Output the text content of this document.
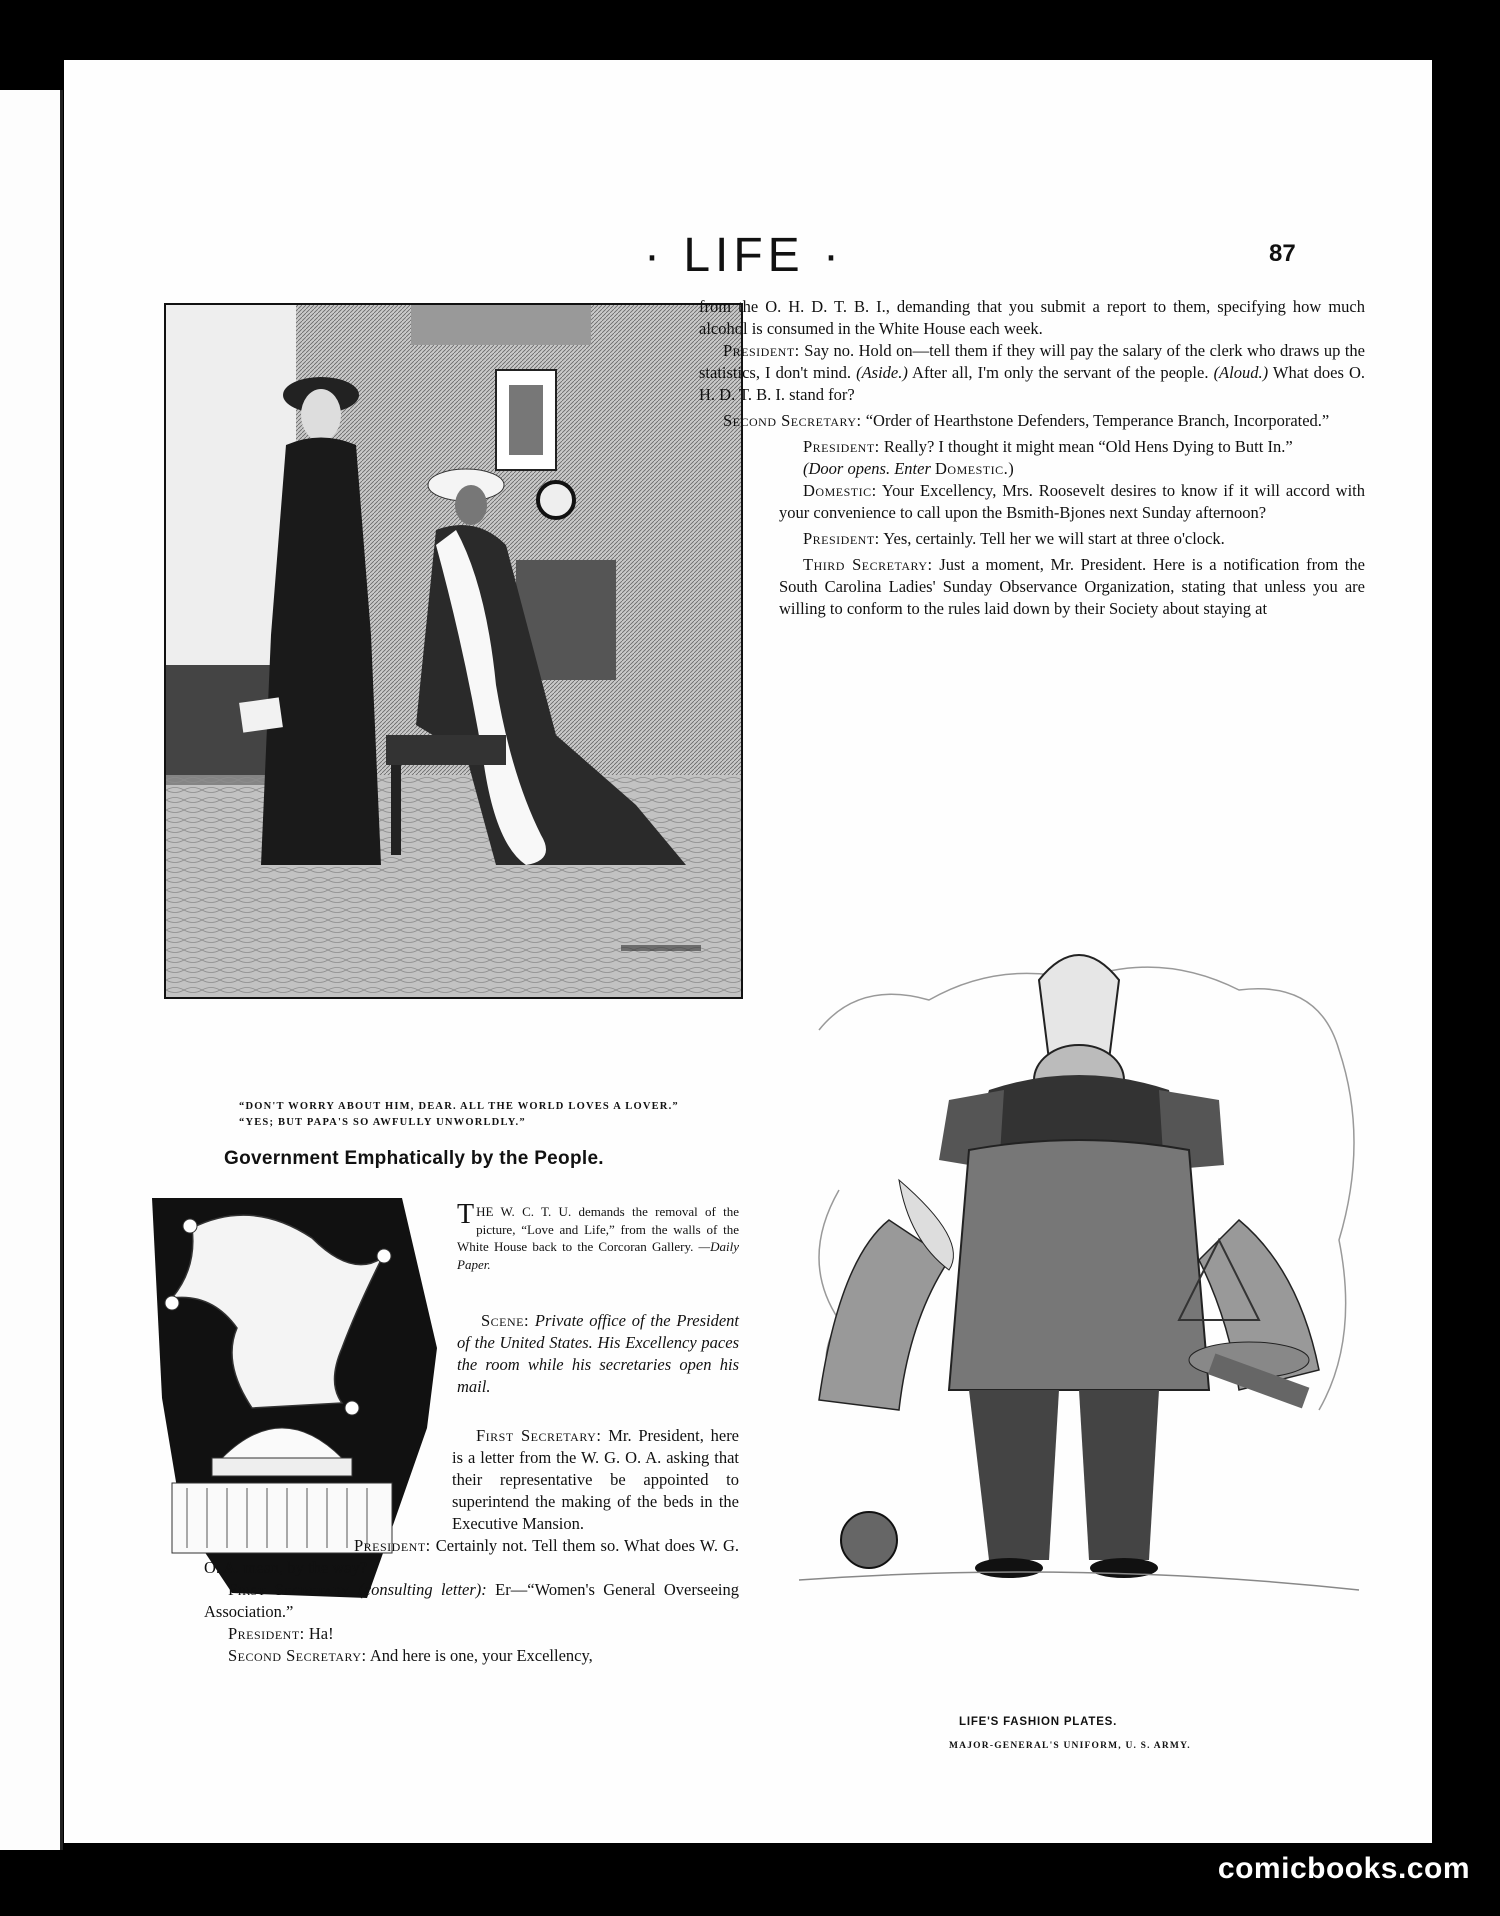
· LIFE ·	87
“DON'T WORRY ABOUT HIM, DEAR. ALL THE WORLD LOVES A LOVER.”
“YES; BUT PAPA'S SO AWFULLY UNWORLDLY.”
Government Emphatically by the People.
THE W. C. T. U. demands the removal of the picture, “Love and Life,” from the walls of the White House back to the Corcoran Gallery. —Daily Paper.

Scene: Private office of the President of the United States. His Excellency paces the room while his secretaries open his mail.

First Secretary: Mr. President, here is a letter from the W. G. O. A. asking that their representative be appointed to superintend the making of the beds in the Executive Mansion.

President: Certainly not. Tell them so. What does W. G. O. A. mean, by the way?

First Secretary (consulting letter): Er—“Women's General Overseeing Association.”

President: Ha!

Second Secretary: And here is one, your Excellency,

from the O. H. D. T. B. I., demanding that you submit a report to them, specifying how much alcohol is consumed in the White House each week.

President: Say no. Hold on—tell them if they will pay the salary of the clerk who draws up the statistics, I don't mind. (Aside.) After all, I'm only the servant of the people. (Aloud.) What does O. H. D. T. B. I. stand for?

Second Secretary: “Order of Hearthstone Defenders, Temperance Branch, Incorporated.”

President: Really? I thought it might mean “Old Hens Dying to Butt In.”

(Door opens. Enter Domestic.)

Domestic: Your Excellency, Mrs. Roosevelt desires to know if it will accord with your convenience to call upon the Bsmith-Bjones next Sunday afternoon?

President: Yes, certainly. Tell her we will start at three o'clock.

Third Secretary: Just a moment, Mr. President. Here is a notification from the South Carolina Ladies' Sunday Observance Organization, stating that unless you are willing to conform to the rules laid down by their Society about staying at

LIFE'S FASHION PLATES.
MAJOR-GENERAL'S UNIFORM, U. S. ARMY.
comicbooks.com
